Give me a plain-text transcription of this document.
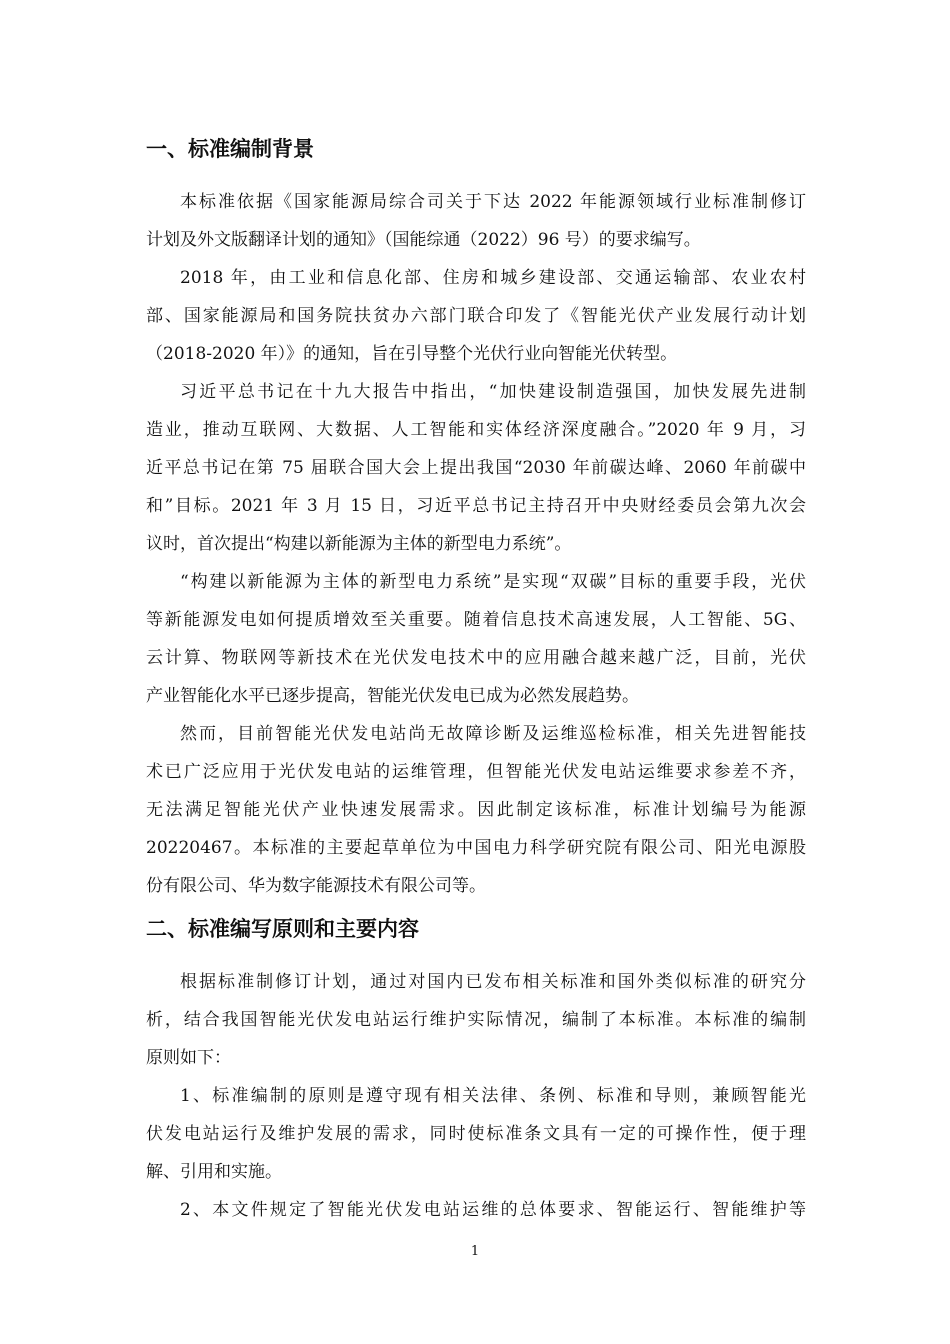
一、标准编制背景
本标准依据《国家能源局综合司关于下达 2022 年能源领域行业标准制修订
计划及外文版翻译计划的通知》（国能综通（2022）96 号）的要求编写。
2018 年，由工业和信息化部、住房和城乡建设部、交通运输部、农业农村
部、国家能源局和国务院扶贫办六部门联合印发了《智能光伏产业发展行动计划
（2018-2020 年）》的通知，旨在引导整个光伏行业向智能光伏转型。
习近平总书记在十九大报告中指出，“加快建设制造强国，加快发展先进制
造业，推动互联网、大数据、人工智能和实体经济深度融合。”2020 年 9 月，习
近平总书记在第 75 届联合国大会上提出我国“2030 年前碳达峰、2060 年前碳中
和”目标。2021 年 3 月 15 日，习近平总书记主持召开中央财经委员会第九次会
议时，首次提出“构建以新能源为主体的新型电力系统”。
“构建以新能源为主体的新型电力系统”是实现“双碳”目标的重要手段，光伏
等新能源发电如何提质增效至关重要。随着信息技术高速发展，人工智能、5G、
云计算、物联网等新技术在光伏发电技术中的应用融合越来越广泛，目前，光伏
产业智能化水平已逐步提高，智能光伏发电已成为必然发展趋势。
然而，目前智能光伏发电站尚无故障诊断及运维巡检标准，相关先进智能技
术已广泛应用于光伏发电站的运维管理，但智能光伏发电站运维要求参差不齐，
无法满足智能光伏产业快速发展需求。因此制定该标准，标准计划编号为能源
20220467。本标准的主要起草单位为中国电力科学研究院有限公司、阳光电源股
份有限公司、华为数字能源技术有限公司等。
二、标准编写原则和主要内容
根据标准制修订计划，通过对国内已发布相关标准和国外类似标准的研究分
析，结合我国智能光伏发电站运行维护实际情况，编制了本标准。本标准的编制
原则如下：
1、标准编制的原则是遵守现有相关法律、条例、标准和导则，兼顾智能光
伏发电站运行及维护发展的需求，同时使标准条文具有一定的可操作性，便于理
解、引用和实施。
2、本文件规定了智能光伏发电站运维的总体要求、智能运行、智能维护等
1
